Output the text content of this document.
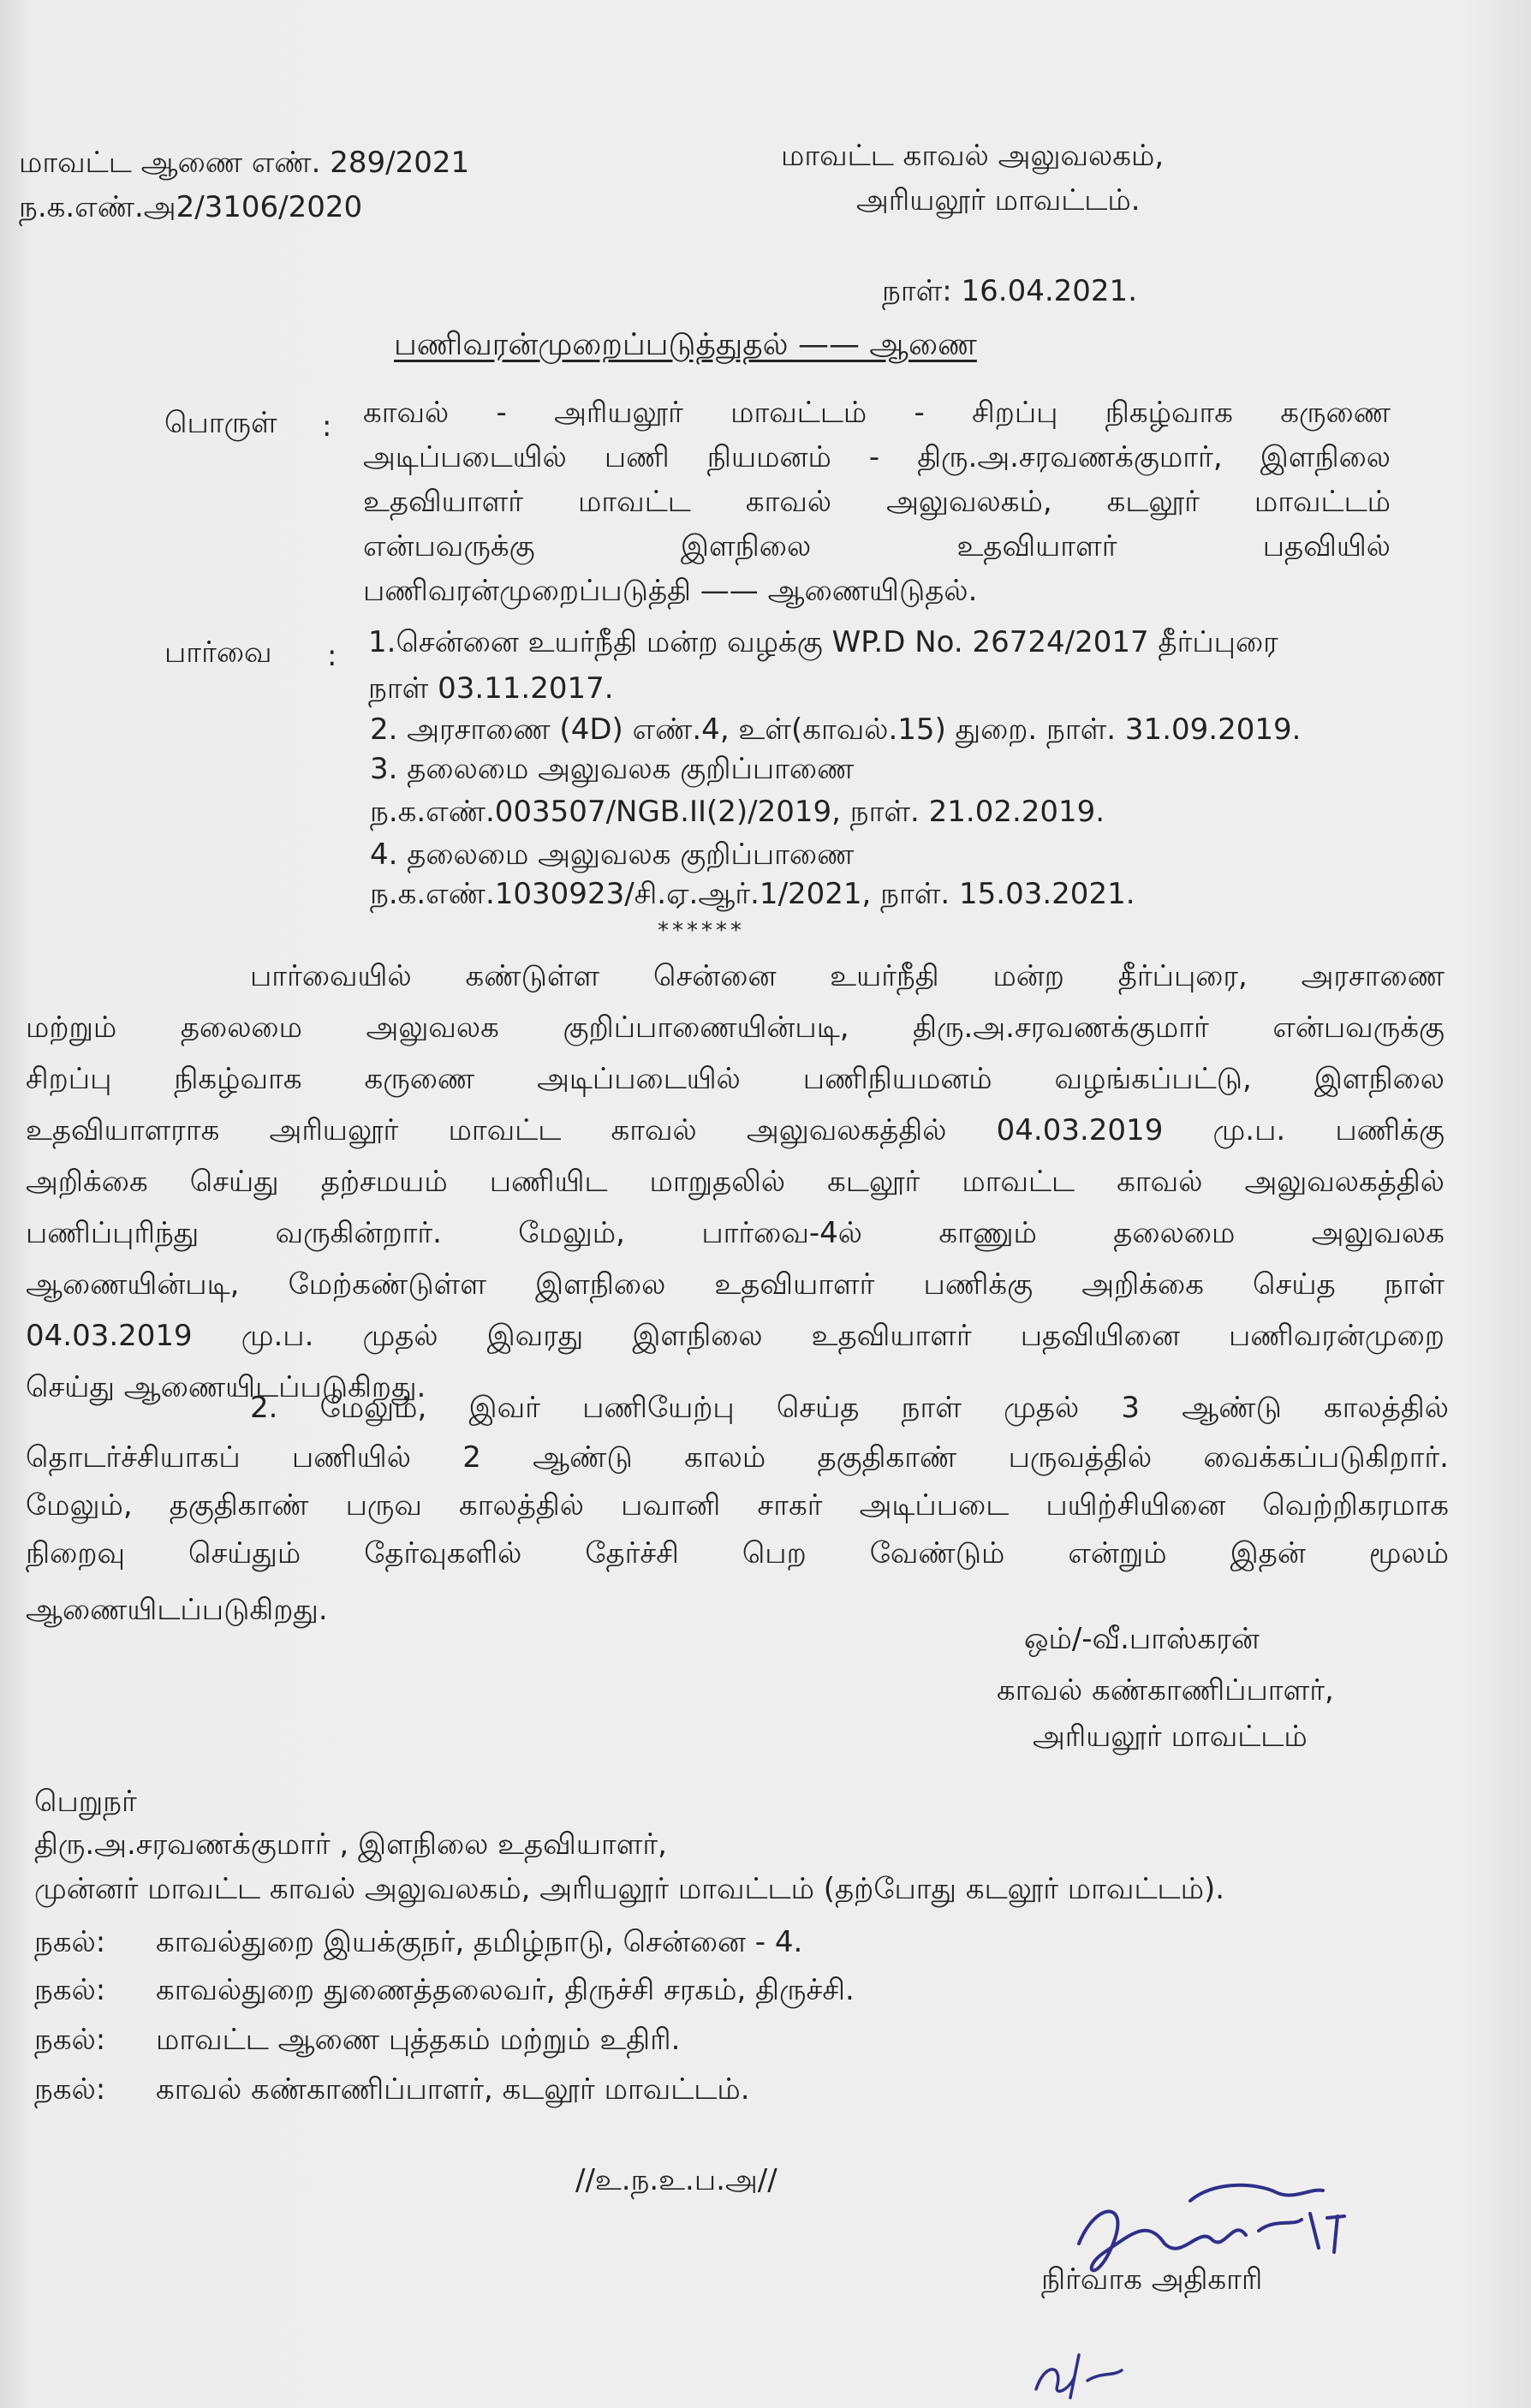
மாவட்ட ஆணை எண். 289/2021
ந.க.எண்.அ2/3106/2020
மாவட்ட காவல் அலுவலகம்,
அரியலூர் மாவட்டம்.
நாள்: 16.04.2021.
பணிவரன்முறைப்படுத்துதல் —— ஆணை
பொருள் : காவல் - அரியலூர் மாவட்டம் - சிறப்பு நிகழ்வாக கருணை
அடிப்படையில் பணி நியமனம் - திரு.அ.சரவணக்குமார், இளநிலை
உதவியாளர் மாவட்ட காவல் அலுவலகம், கடலூர் மாவட்டம்
என்பவருக்கு இளநிலை உதவியாளர் பதவியில்
பணிவரன்முறைப்படுத்தி —— ஆணையிடுதல்.
பார்வை : 1.சென்னை உயர்நீதி மன்ற வழக்கு WP.D No. 26724/2017 தீர்ப்புரை
நாள் 03.11.2017.
2. அரசாணை (4D) எண்.4, உள்(காவல்.15) துறை. நாள். 31.09.2019.
3. தலைமை அலுவலக குறிப்பாணை
ந.க.எண்.003507/NGB.II(2)/2019, நாள். 21.02.2019.
4. தலைமை அலுவலக குறிப்பாணை
ந.க.எண்.1030923/சி.ஏ.ஆர்.1/2021, நாள். 15.03.2021.
******
பார்வையில் கண்டுள்ள சென்னை உயர்நீதி மன்ற தீர்ப்புரை, அரசாணை
மற்றும் தலைமை அலுவலக குறிப்பாணையின்படி, திரு.அ.சரவணக்குமார் என்பவருக்கு
சிறப்பு நிகழ்வாக கருணை அடிப்படையில் பணிநியமனம் வழங்கப்பட்டு, இளநிலை
உதவியாளராக அரியலூர் மாவட்ட காவல் அலுவலகத்தில் 04.03.2019 மு.ப. பணிக்கு
அறிக்கை செய்து தற்சமயம் பணியிட மாறுதலில் கடலூர் மாவட்ட காவல் அலுவலகத்தில்
பணிப்புரிந்து வருகின்றார். மேலும், பார்வை-4ல் காணும் தலைமை அலுவலக
ஆணையின்படி, மேற்கண்டுள்ள இளநிலை உதவியாளர் பணிக்கு அறிக்கை செய்த நாள்
04.03.2019 மு.ப. முதல் இவரது இளநிலை உதவியாளர் பதவியினை பணிவரன்முறை
செய்து ஆணையிடப்படுகிறது.
2. மேலும், இவர் பணியேற்பு செய்த நாள் முதல் 3 ஆண்டு காலத்தில்
தொடர்ச்சியாகப் பணியில் 2 ஆண்டு காலம் தகுதிகாண் பருவத்தில் வைக்கப்படுகிறார்.
மேலும், தகுதிகாண் பருவ காலத்தில் பவானி சாகர் அடிப்படை பயிற்சியினை வெற்றிகரமாக
நிறைவு செய்தும் தேர்வுகளில் தேர்ச்சி பெற வேண்டும் என்றும் இதன் மூலம்
ஆணையிடப்படுகிறது.
ஒம்/-வீ.பாஸ்கரன்
காவல் கண்காணிப்பாளர்,
அரியலூர் மாவட்டம்
பெறுநர்
திரு.அ.சரவணக்குமார் , இளநிலை உதவியாளர்,
முன்னர் மாவட்ட காவல் அலுவலகம், அரியலூர் மாவட்டம் (தற்போது கடலூர் மாவட்டம்).
நகல்: காவல்துறை இயக்குநர், தமிழ்நாடு, சென்னை - 4.
நகல்: காவல்துறை துணைத்தலைவர், திருச்சி சரகம், திருச்சி.
நகல்: மாவட்ட ஆணை புத்தகம் மற்றும் உதிரி.
நகல்: காவல் கண்காணிப்பாளர், கடலூர் மாவட்டம்.
//உ.ந.உ.ப.அ//
நிர்வாக அதிகாரி
